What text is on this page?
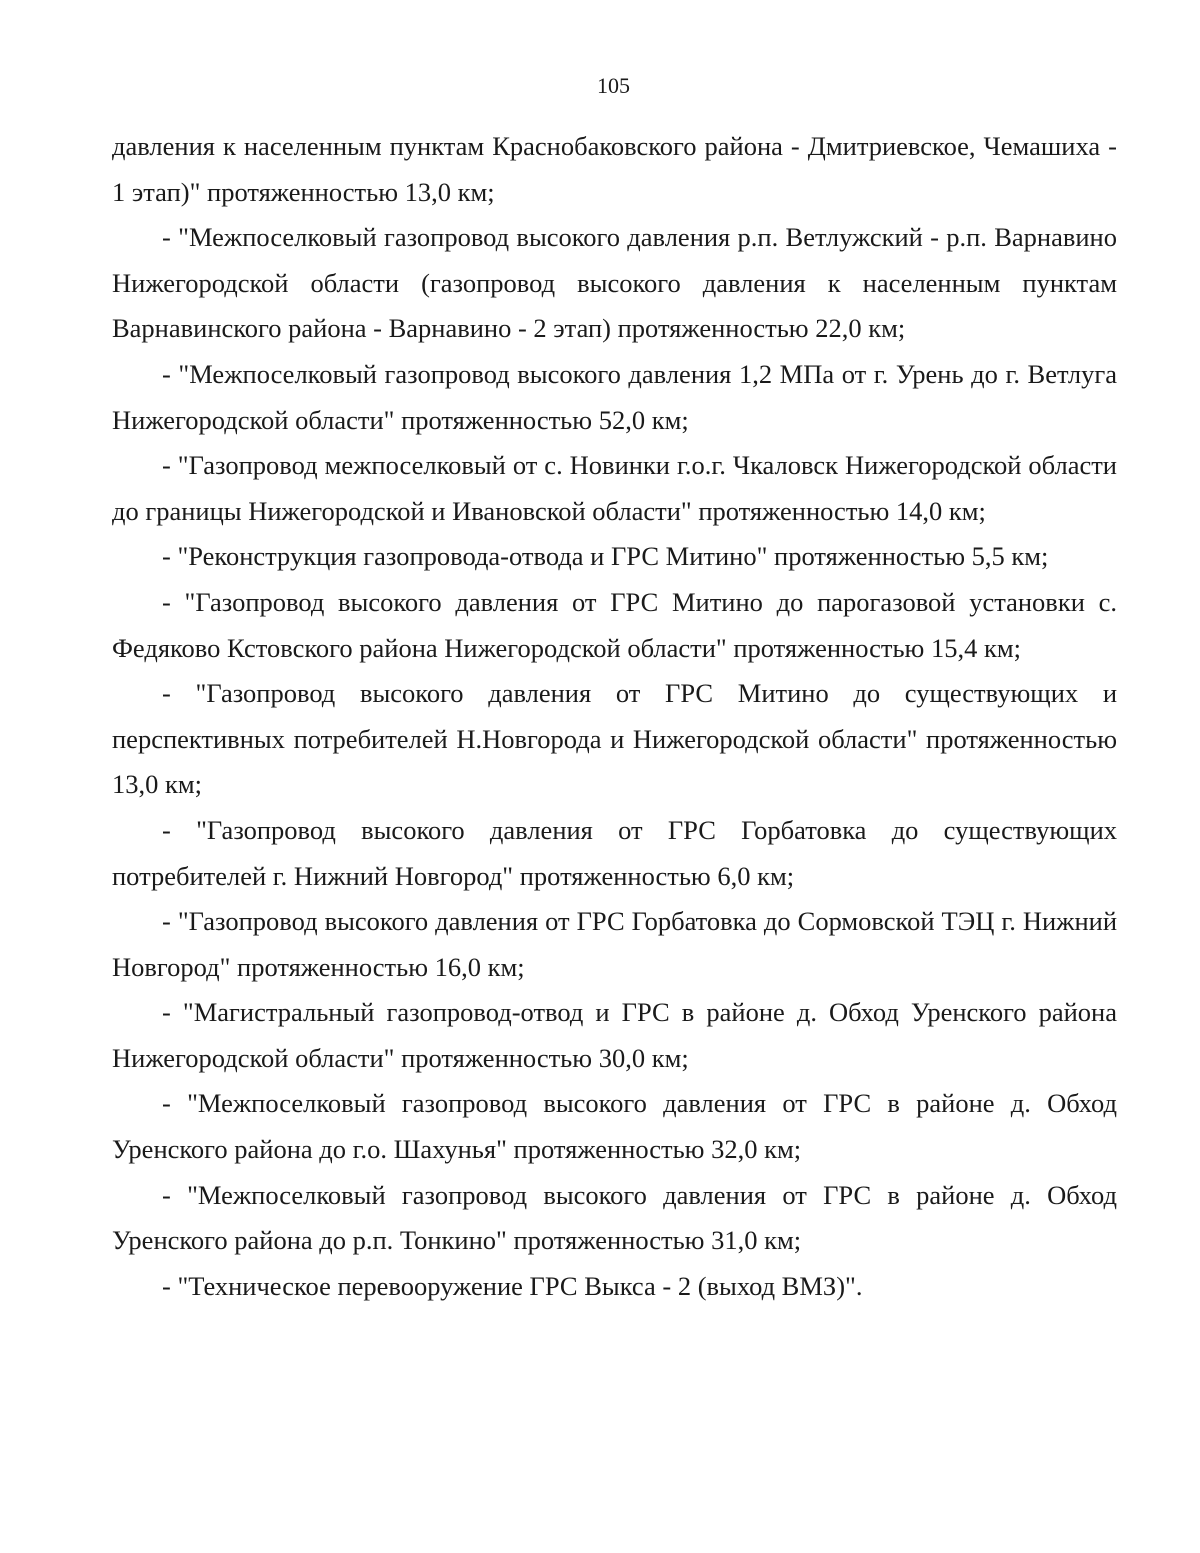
105

давления к населенным пунктам Краснобаковского района - Дмитриевское, Чемашиха - 1 этап)" протяженностью 13,0 км;

- "Межпоселковый газопровод высокого давления р.п. Ветлужский - р.п. Варнавино Нижегородской области (газопровод высокого давления к населенным пунктам Варнавинского района - Варнавино - 2 этап) протяженностью 22,0 км;

- "Межпоселковый газопровод высокого давления 1,2 МПа от г. Урень до г. Ветлуга Нижегородской области" протяженностью 52,0 км;

- "Газопровод межпоселковый от с. Новинки г.о.г. Чкаловск Нижегородской области до границы Нижегородской и Ивановской области" протяженностью 14,0 км;

- "Реконструкция газопровода-отвода и ГРС Митино" протяженностью 5,5 км;

- "Газопровод высокого давления от ГРС Митино до парогазовой установки с. Федяково Кстовского района Нижегородской области" протяженностью 15,4 км;

- "Газопровод высокого давления от ГРС Митино до существующих и перспективных потребителей Н.Новгорода и Нижегородской области" протяженностью 13,0 км;

- "Газопровод высокого давления от ГРС Горбатовка до существующих потребителей г. Нижний Новгород" протяженностью 6,0 км;

- "Газопровод высокого давления от ГРС Горбатовка до Сормовской ТЭЦ г. Нижний Новгород" протяженностью 16,0 км;

- "Магистральный газопровод-отвод и ГРС в районе д. Обход Уренского района Нижегородской области" протяженностью 30,0 км;

- "Межпоселковый газопровод высокого давления от ГРС в районе д. Обход Уренского района до г.о. Шахунья" протяженностью 32,0 км;

- "Межпоселковый газопровод высокого давления от ГРС в районе д. Обход Уренского района до р.п. Тонкино" протяженностью 31,0 км;

- "Техническое перевооружение ГРС Выкса - 2 (выход ВМЗ)".
